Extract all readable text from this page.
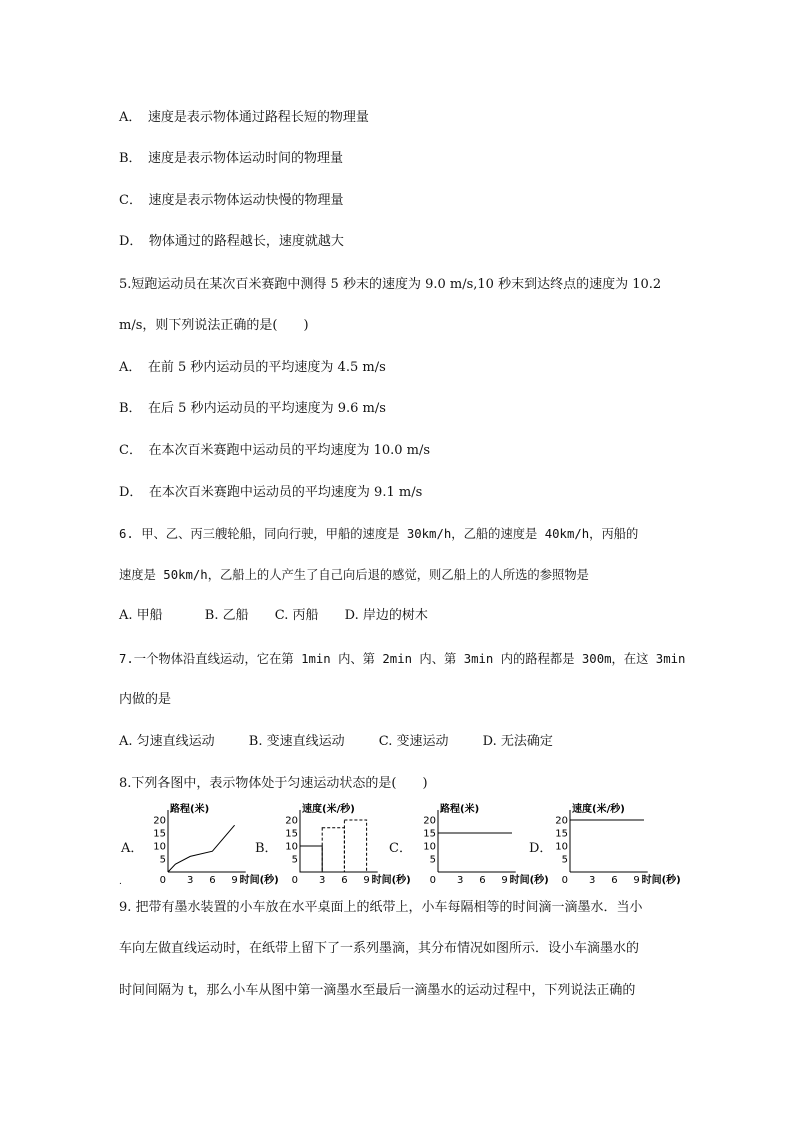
A．　速度是表示物体通过路程长短的物理量
B．　速度是表示物体运动时间的物理量
C．　速度是表示物体运动快慢的物理量
D．　物体通过的路程越长，速度就越大
5.短跑运动员在某次百米赛跑中测得 5 秒末的速度为 9.0 m/s,10 秒末到达终点的速度为 10.2
m/s，则下列说法正确的是(　　)
A．　在前 5 秒内运动员的平均速度为 4.5 m/s
B．　在后 5 秒内运动员的平均速度为 9.6 m/s
C．　在本次百米赛跑中运动员的平均速度为 10.0 m/s
D．　在本次百米赛跑中运动员的平均速度为 9.1 m/s
6. 甲、乙、丙三艘轮船，同向行驶，甲船的速度是 30km/h，乙船的速度是 40km/h，丙船的
速度是 50km/h，乙船上的人产生了自己向后退的感觉，则乙船上的人所选的参照物是
A. 甲船	B. 乙船 C. 丙船 D. 岸边的树木
7.一个物体沿直线运动，它在第 1min 内、第 2min 内、第 3min 内的路程都是 300m，在这 3min
内做的是
A. 匀速直线运动	B. 变速直线运动	C. 变速运动	D. 无法确定
8.下列各图中，表示物体处于匀速运动状态的是(　　)
A．	B．	C．	D．
路程(米)
20
15
10
5
0 3 6 9 时间(秒)
速度(米/秒)
20
15
10
5
0 3 6 9 时间(秒)
路程(米)
20
15
10
5
0 3 6 9 时间(秒)
速度(米/秒)
20
15
10
5
0 3 6 9 时间(秒)
.
9. 把带有墨水装置的小车放在水平桌面上的纸带上，小车每隔相等的时间滴一滴墨水．当小
车向左做直线运动时，在纸带上留下了一系列墨滴，其分布情况如图所示．设小车滴墨水的
时间间隔为 t，那么小车从图中第一滴墨水至最后一滴墨水的运动过程中，下列说法正确的
